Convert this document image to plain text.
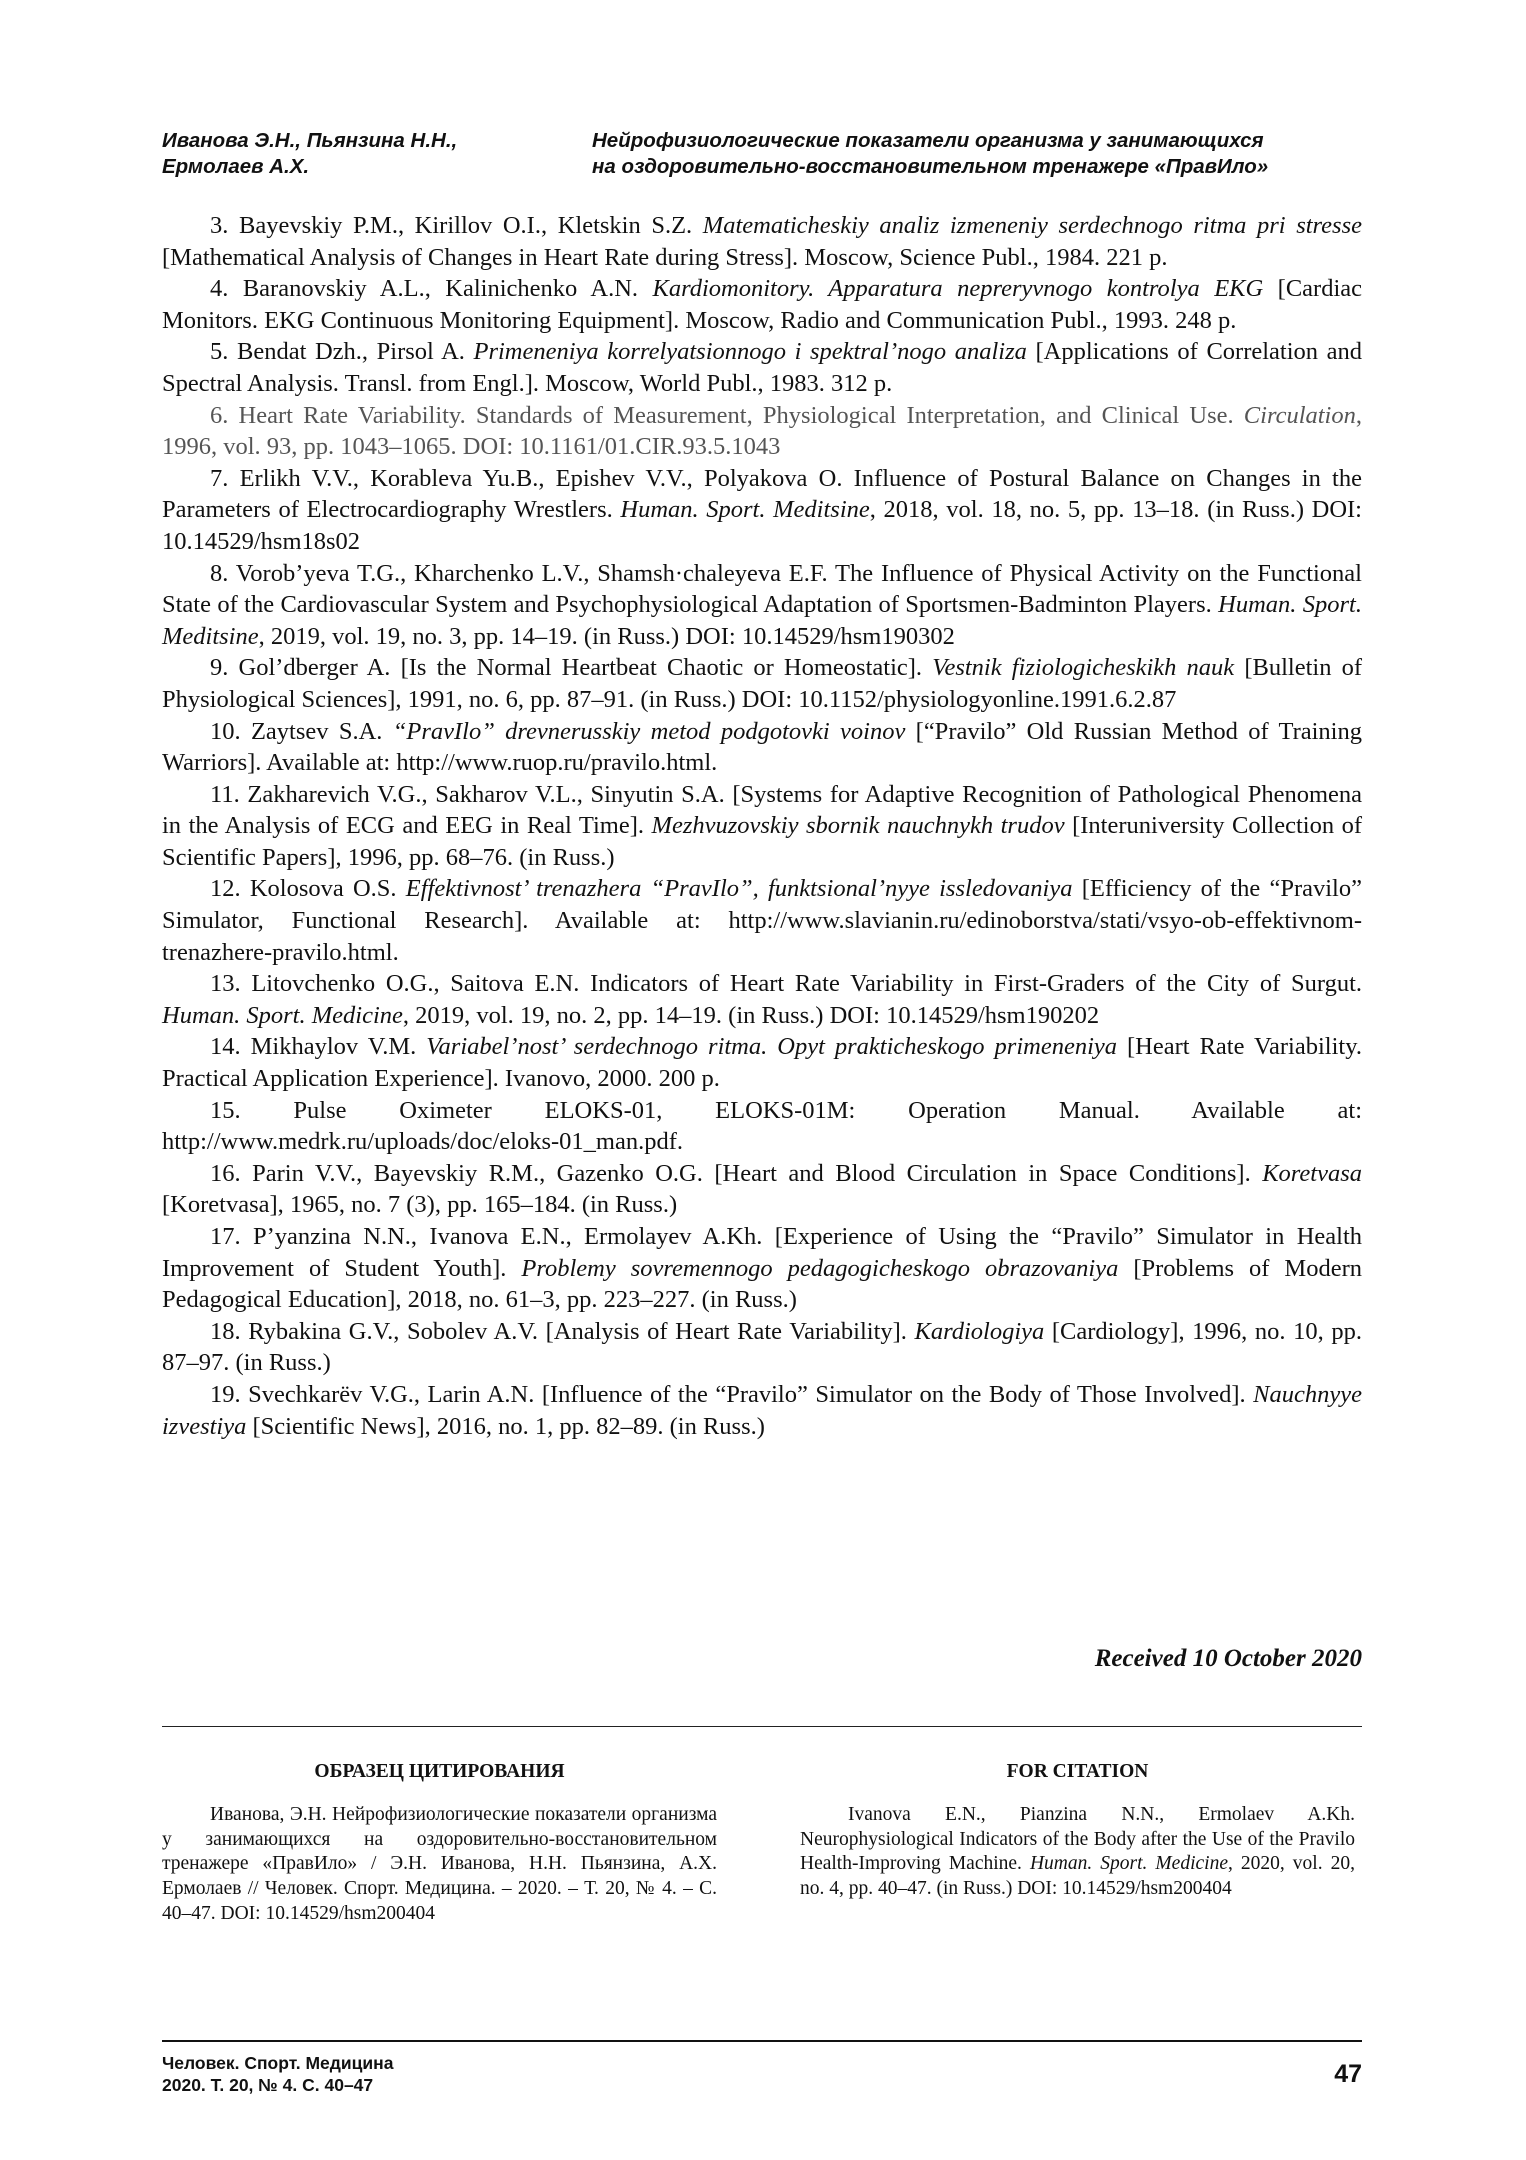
Иванова Э.Н., Пьянзина Н.Н.,
Ермолаев А.Х.
Нейрофизиологические показатели организма у занимающихся
на оздоровительно-восстановительном тренажере «ПравИло»

3. Bayevskiy P.M., Kirillov O.I., Kletskin S.Z. Matematicheskiy analiz izmeneniy serdechnogo ritma pri stresse [Mathematical Analysis of Changes in Heart Rate during Stress]. Moscow, Science Publ., 1984. 221 p.

4. Baranovskiy A.L., Kalinichenko A.N. Kardiomonitory. Apparatura nepreryvnogo kontrolya EKG [Cardiac Monitors. EKG Continuous Monitoring Equipment]. Moscow, Radio and Communication Publ., 1993. 248 p.

5. Bendat Dzh., Pirsol A. Primeneniya korrelyatsionnogo i spektral’nogo analiza [Applications of Correlation and Spectral Analysis. Transl. from Engl.]. Moscow, World Publ., 1983. 312 p.

6. Heart Rate Variability. Standards of Measurement, Physiological Interpretation, and Clinical Use. Circulation, 1996, vol. 93, pp. 1043–1065. DOI: 10.1161/01.CIR.93.5.1043

7. Erlikh V.V., Korableva Yu.B., Epishev V.V., Polyakova O. Influence of Postural Balance on Changes in the Parameters of Electrocardiography Wrestlers. Human. Sport. Meditsine, 2018, vol. 18, no. 5, pp. 13–18. (in Russ.) DOI: 10.14529/hsm18s02

8. Vorob’yeva T.G., Kharchenko L.V., Shamsh·chaleyeva E.F. The Influence of Physical Activity on the Functional State of the Cardiovascular System and Psychophysiological Adaptation of Sportsmen-Badminton Players. Human. Sport. Meditsine, 2019, vol. 19, no. 3, pp. 14–19. (in Russ.) DOI: 10.14529/hsm190302

9. Gol’dberger A. [Is the Normal Heartbeat Chaotic or Homeostatic]. Vestnik fiziologicheskikh nauk [Bulletin of Physiological Sciences], 1991, no. 6, pp. 87–91. (in Russ.) DOI: 10.1152/physiologyonline.1991.6.2.87

10. Zaytsev S.A. “PravIlo” drevnerusskiy metod podgotovki voinov [“Pravilo” Old Russian Method of Training Warriors]. Available at: http://www.ruop.ru/pravilo.html.

11. Zakharevich V.G., Sakharov V.L., Sinyutin S.A. [Systems for Adaptive Recognition of Pathological Phenomena in the Analysis of ECG and EEG in Real Time]. Mezhvuzovskiy sbornik nauchnykh trudov [Interuniversity Collection of Scientific Papers], 1996, pp. 68–76. (in Russ.)

12. Kolosova O.S. Effektivnost’ trenazhera “PravIlo”, funktsional’nyye issledovaniya [Efficiency of the “Pravilo” Simulator, Functional Research]. Available at: http://www.slavianin.ru/edinoborstva/stati/vsyo-ob-effektivnom-trenazhere-pravilo.html.

13. Litovchenko O.G., Saitova E.N. Indicators of Heart Rate Variability in First-Graders of the City of Surgut. Human. Sport. Medicine, 2019, vol. 19, no. 2, pp. 14–19. (in Russ.) DOI: 10.14529/hsm190202

14. Mikhaylov V.M. Variabel’nost’ serdechnogo ritma. Opyt prakticheskogo primeneniya [Heart Rate Variability. Practical Application Experience]. Ivanovo, 2000. 200 p.

15. Pulse Oximeter ELOKS-01, ELOKS-01M: Operation Manual. Available at: http://www.medrk.ru/uploads/doc/eloks-01_man.pdf.

16. Parin V.V., Bayevskiy R.M., Gazenko O.G. [Heart and Blood Circulation in Space Conditions]. Koretvasa [Koretvasa], 1965, no. 7 (3), pp. 165–184. (in Russ.)

17. P’yanzina N.N., Ivanova E.N., Ermolayev A.Kh. [Experience of Using the “Pravilo” Simulator in Health Improvement of Student Youth]. Problemy sovremennogo pedagogicheskogo obrazovaniya [Problems of Modern Pedagogical Education], 2018, no. 61–3, pp. 223–227. (in Russ.)

18. Rybakina G.V., Sobolev A.V. [Analysis of Heart Rate Variability]. Kardiologiya [Cardiology], 1996, no. 10, pp. 87–97. (in Russ.)

19. Svechkarёv V.G., Larin A.N. [Influence of the “Pravilo” Simulator on the Body of Those Involved]. Nauchnyye izvestiya [Scientific News], 2016, no. 1, pp. 82–89. (in Russ.)

Received 10 October 2020

ОБРАЗЕЦ ЦИТИРОВАНИЯ

Иванова, Э.Н. Нейрофизиологические показатели организма у занимающихся на оздоровительно-восстановительном тренажере «ПравИло» / Э.Н. Иванова, Н.Н. Пьянзина, А.Х. Ермолаев // Человек. Спорт. Медицина. – 2020. – Т. 20, № 4. – С. 40–47. DOI: 10.14529/hsm200404

FOR CITATION

Ivanova E.N., Pianzina N.N., Ermolaev A.Kh. Neurophysiological Indicators of the Body after the Use of the Pravilo Health-Improving Machine. Human. Sport. Medicine, 2020, vol. 20, no. 4, pp. 40–47. (in Russ.) DOI: 10.14529/hsm200404

Человек. Спорт. Медицина
2020. Т. 20, № 4. С. 40–47	47
